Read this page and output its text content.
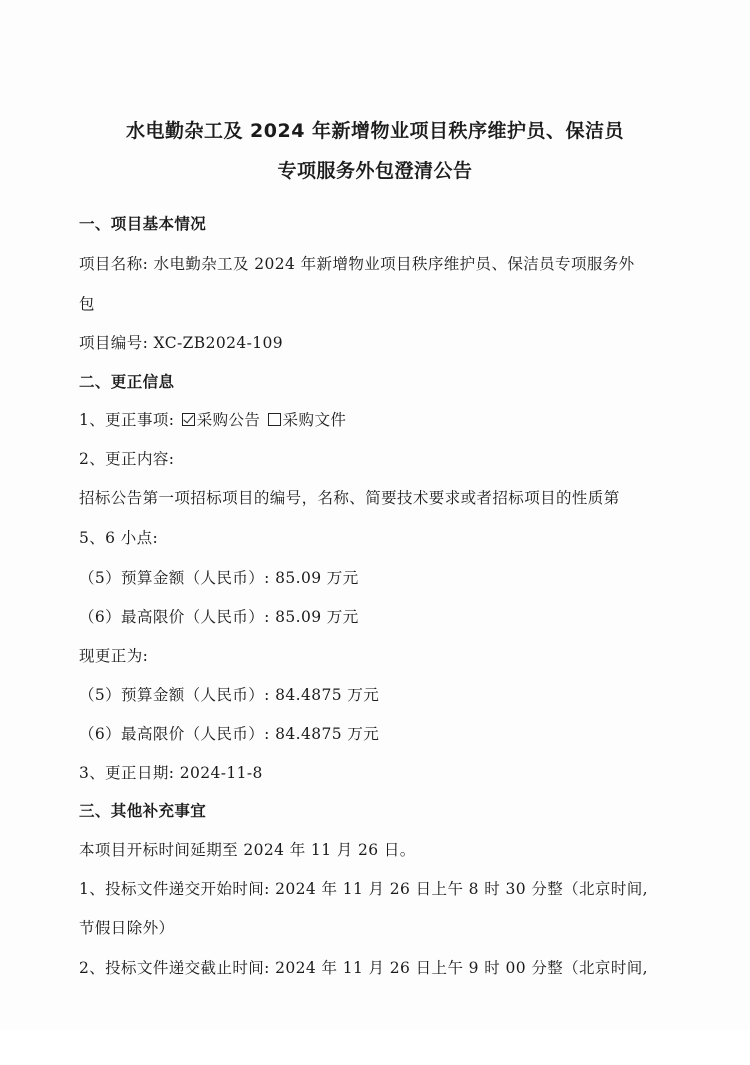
水电勤杂工及 2024 年新增物业项目秩序维护员、保洁员
专项服务外包澄清公告
一、项目基本情况
项目名称: 水电勤杂工及 2024 年新增物业项目秩序维护员、保洁员专项服务外
包
项目编号: XC-ZB2024-109
二、更正信息
1、更正事项: 采购公告 采购文件
2、更正内容:
招标公告第一项招标项目的编号，名称、简要技术要求或者招标项目的性质第
5、6 小点:
（5）预算金额（人民币）: 85.09 万元
（6）最高限价（人民币）: 85.09 万元
现更正为:
（5）预算金额（人民币）: 84.4875 万元
（6）最高限价（人民币）: 84.4875 万元
3、更正日期: 2024-11-8
三、其他补充事宜
本项目开标时间延期至 2024 年 11 月 26 日。
1、投标文件递交开始时间: 2024 年 11 月 26 日上午 8 时 30 分整（北京时间,
节假日除外）
2、投标文件递交截止时间: 2024 年 11 月 26 日上午 9 时 00 分整（北京时间,
